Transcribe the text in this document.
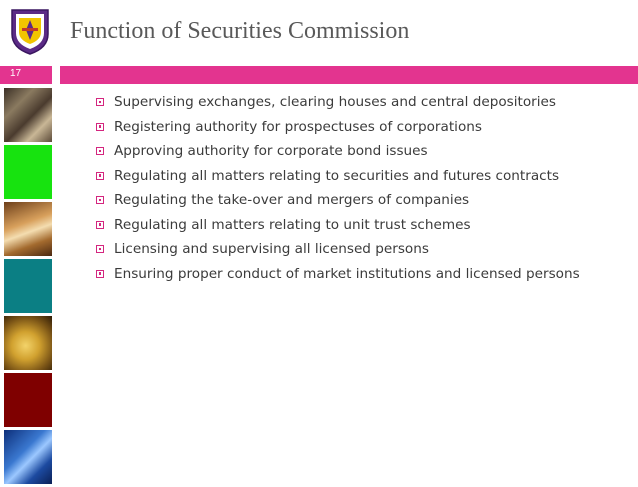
Function of Securities Commission
17
Supervising exchanges, clearing houses and central depositories
Registering authority for prospectuses of corporations
Approving authority for corporate bond issues
Regulating all matters relating to securities and futures contracts
Regulating the take-over and mergers of companies
Regulating all matters relating to unit trust schemes
Licensing and supervising all licensed persons
Ensuring proper conduct of market institutions and licensed persons
